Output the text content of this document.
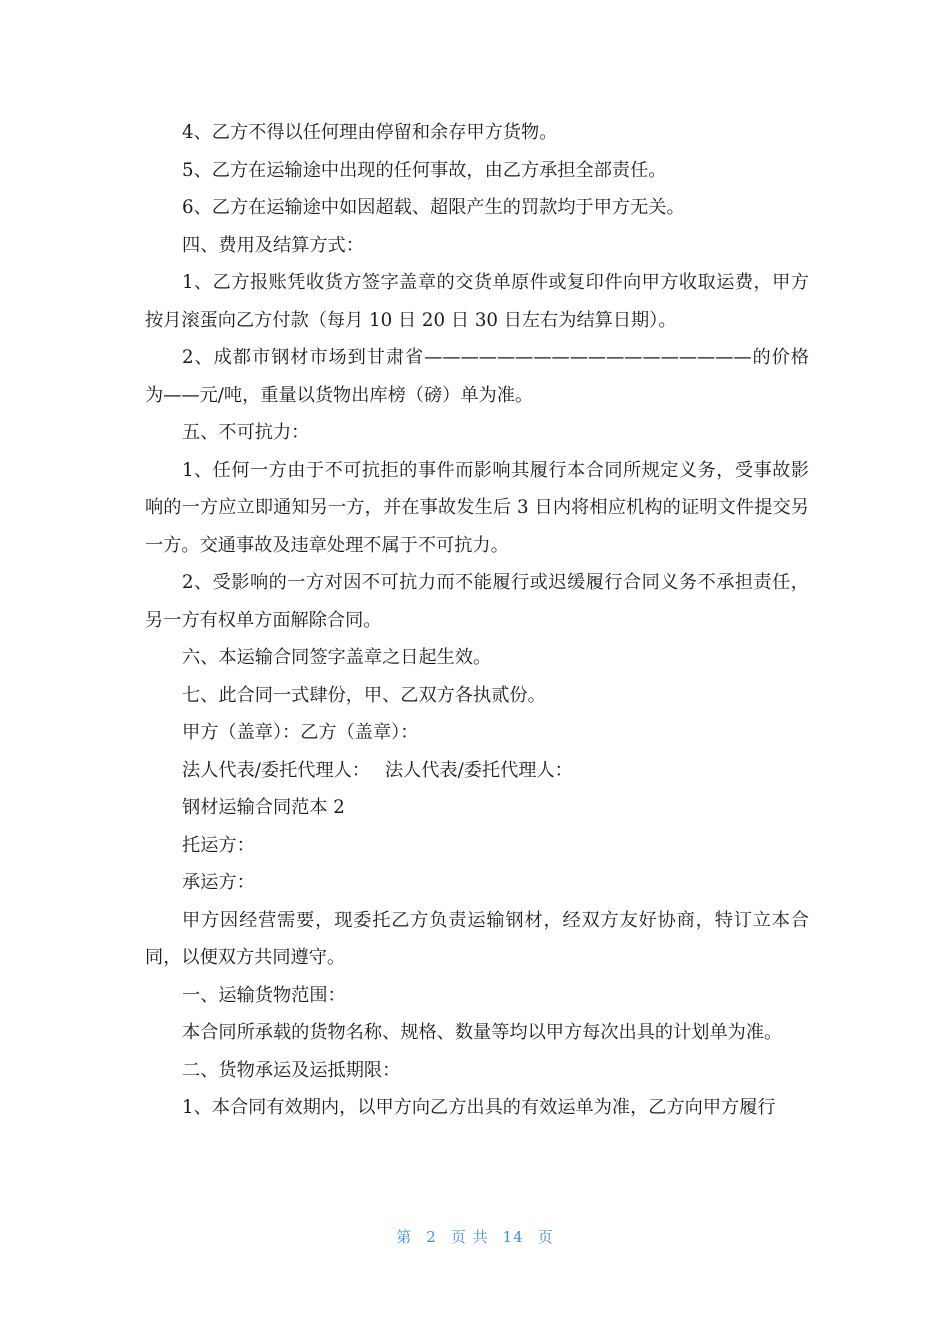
4、乙方不得以任何理由停留和余存甲方货物。

5、乙方在运输途中出现的任何事故，由乙方承担全部责任。

6、乙方在运输途中如因超载、超限产生的罚款均于甲方无关。

四、费用及结算方式：

1、乙方报账凭收货方签字盖章的交货单原件或复印件向甲方收取运费，甲方按月滚蛋向乙方付款（每月 10 日 20 日 30 日左右为结算日期）。

2、成都市钢材市场到甘肃省——————————————————的价格为——元/吨，重量以货物出库榜（磅）单为准。

五、不可抗力：

1、任何一方由于不可抗拒的事件而影响其履行本合同所规定义务，受事故影响的一方应立即通知另一方，并在事故发生后 3 日内将相应机构的证明文件提交另一方。交通事故及违章处理不属于不可抗力。

2、受影响的一方对因不可抗力而不能履行或迟缓履行合同义务不承担责任，另一方有权单方面解除合同。

六、本运输合同签字盖章之日起生效。

七、此合同一式肆份，甲、乙双方各执贰份。

甲方（盖章）：乙方（盖章）：

法人代表/委托代理人：　 法人代表/委托代理人：

钢材运输合同范本 2

托运方：

承运方：

甲方因经营需要，现委托乙方负责运输钢材，经双方友好协商，特订立本合同，以便双方共同遵守。

一、运输货物范围：

本合同所承载的货物名称、规格、数量等均以甲方每次出具的计划单为准。

二、货物承运及运抵期限：

1、本合同有效期内，以甲方向乙方出具的有效运单为准，乙方向甲方履行

第 2 页 共 14 页
